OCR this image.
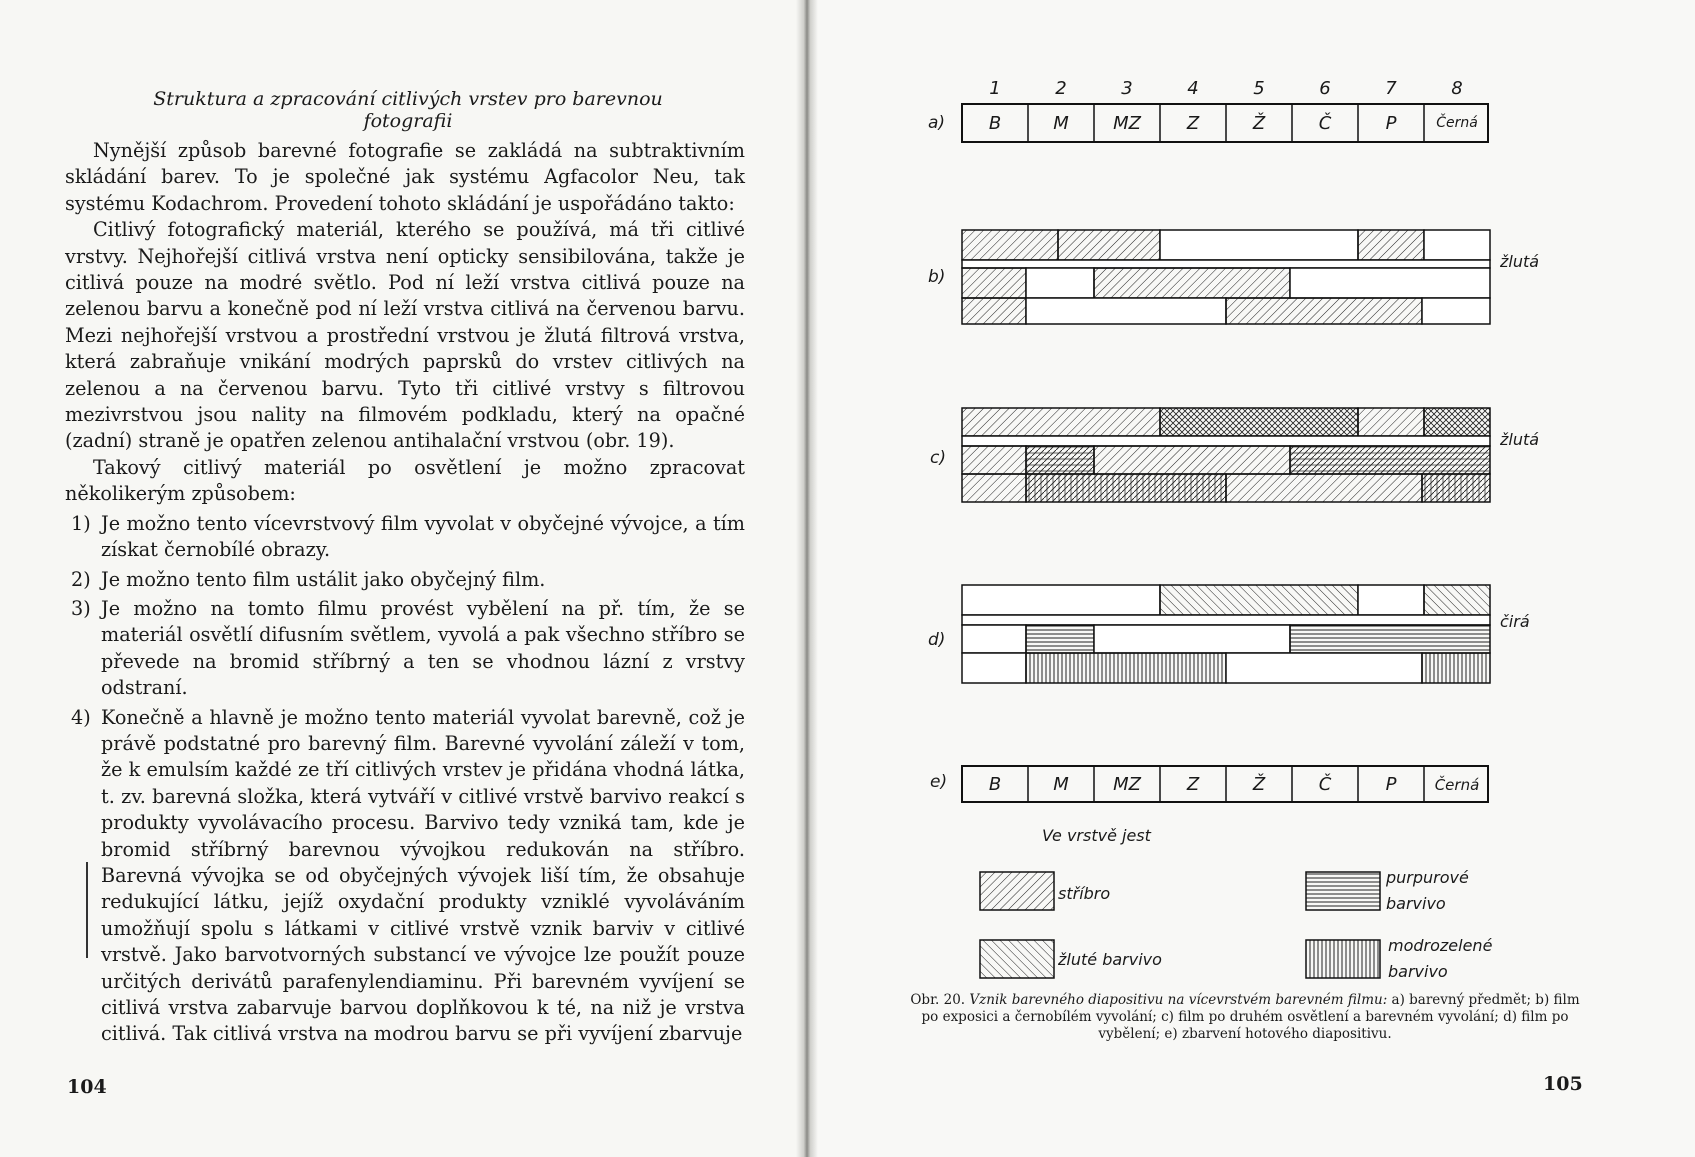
Struktura a zpracování citlivých vrstev pro barevnou fotografii

Nynější způsob barevné fotografie se zakládá na subtraktivním skládání barev. To je společné jak systému Agfacolor Neu, tak systému Kodachrom. Provedení tohoto skládání je uspořádáno takto:

Citlivý fotografický materiál, kterého se používá, má tři citlivé vrstvy. Nejhořejší citlivá vrstva není opticky sensibilována, takže je citlivá pouze na modré světlo. Pod ní leží vrstva citlivá pouze na zelenou barvu a konečně pod ní leží vrstva citlivá na červenou barvu. Mezi nejhořejší vrstvou a prostřední vrstvou je žlutá filtrová vrstva, která zabraňuje vnikání modrých paprsků do vrstev citlivých na zelenou a na červenou barvu. Tyto tři citlivé vrstvy s filtrovou mezivrstvou jsou nality na filmovém podkladu, který na opačné (zadní) straně je opatřen zelenou antihalační vrstvou (obr. 19).

Takový citlivý materiál po osvětlení je možno zpracovat několikerým způsobem:

1) Je možno tento vícevrstvový film vyvolat v obyčejné vývojce, a tím získat černobílé obrazy.
2) Je možno tento film ustálit jako obyčejný film.
3) Je možno na tomto filmu provést vybělení na př. tím, že se materiál osvětlí difusním světlem, vyvolá a pak všechno stříbro se převede na bromid stříbrný a ten se vhodnou lázní z vrstvy odstraní.
4) Konečně a hlavně je možno tento materiál vyvolat barevně, což je právě podstatné pro barevný film. Barevné vyvolání záleží v tom, že k emulsím každé ze tří citlivých vrstev je přidána vhodná látka, t. zv. barevná složka, která vytváří v citlivé vrstvě barvivo reakcí s produkty vyvolávacího procesu. Barvivo tedy vzniká tam, kde je bromid stříbrný barevnou vývojkou redukován na stříbro. Barevná vývojka se od obyčejných vývojek liší tím, že obsahuje redukující látku, jejíž oxydační produkty vzniklé vyvoláváním umožňují spolu s látkami v citlivé vrstvě vznik barviv v citlivé vrstvě. Jako barvotvorných substancí ve vývojce lze použít pouze určitých derivátů parafenylendiaminu. Při barevném vyvíjení se citlivá vrstva zabarvuje barvou doplňkovou k té, na niž je vrstva citlivá. Tak citlivá vrstva na modrou barvu se při vyvíjení zbarvuje
104
1	2	3	4	5	6	7	8
a)
b)
c)
d)
e)
B	M	MZ	Z	Ž	Č	P	Černá
B	M	MZ	Z	Ž	Č	P	Černá
žlutá
žlutá
čirá
Ve vrstvě jest
stříbro
žluté barvivo
purpurové
barvivo
modrozelené
barvivo
Obr. 20. Vznik barevného diapositivu na vícevrstvém barevném filmu: a) barevný předmět; b) film po exposici a černobílém vyvolání; c) film po druhém osvětlení a barevném vyvolání; d) film po vybělení; e) zbarvení hotového diapositivu.
105
